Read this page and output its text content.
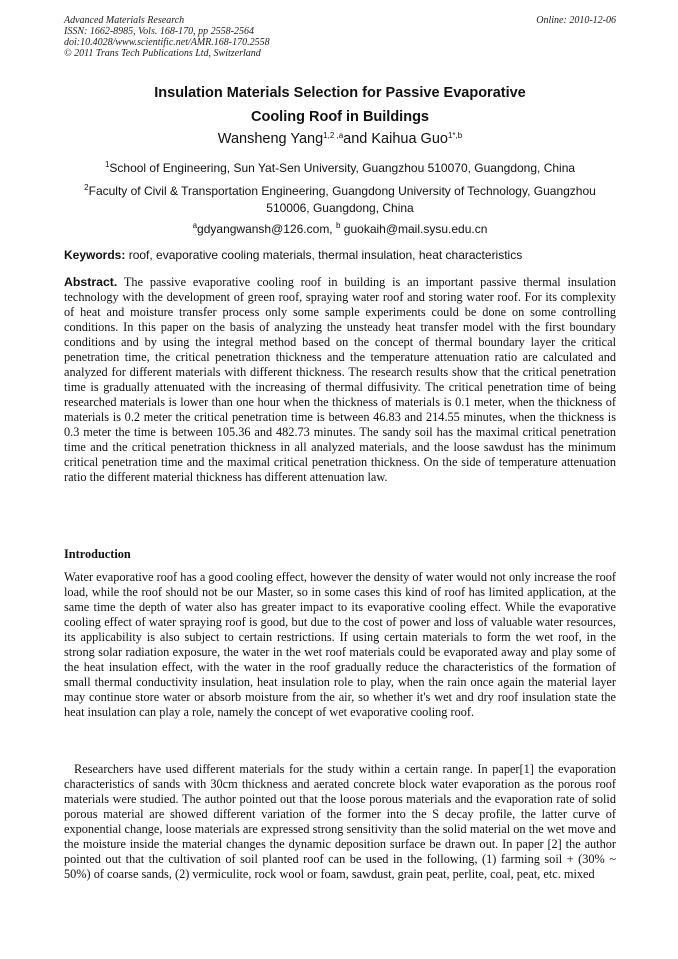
Advanced Materials Research
ISSN: 1662-8985, Vols. 168-170, pp 2558-2564
doi:10.4028/www.scientific.net/AMR.168-170.2558
© 2011 Trans Tech Publications Ltd, Switzerland
Online: 2010-12-06
Insulation Materials Selection for Passive Evaporative
Cooling Roof in Buildings
Wansheng Yang$^{1,2 ,a}$and Kaihua Guo$^{1*,b}$
$^1$School of Engineering, Sun Yat-Sen University, Guangzhou 510070, Guangdong, China
$^2$Faculty of Civil & Transportation Engineering, Guangdong University of Technology, Guangzhou
510006, Guangdong, China
$^a$gdyangwansh@126.com, $^b$ guokaih@mail.sysu.edu.cn
Keywords: roof, evaporative cooling materials, thermal insulation, heat characteristics

Abstract. The passive evaporative cooling roof in building is an important passive thermal insulation technology with the development of green roof, spraying water roof and storing water roof. For its complexity of heat and moisture transfer process only some sample experiments could be done on some controlling conditions. In this paper on the basis of analyzing the unsteady heat transfer model with the first boundary conditions and by using the integral method based on the concept of thermal boundary layer the critical penetration time, the critical penetration thickness and the temperature attenuation ratio are calculated and analyzed for different materials with different thickness. The research results show that the critical penetration time is gradually attenuated with the increasing of thermal diffusivity. The critical penetration time of being researched materials is lower than one hour when the thickness of materials is 0.1 meter, when the thickness of materials is 0.2 meter the critical penetration time is between 46.83 and 214.55 minutes, when the thickness is 0.3 meter the time is between 105.36 and 482.73 minutes. The sandy soil has the maximal critical penetration time and the critical penetration thickness in all analyzed materials, and the loose sawdust has the minimum critical penetration time and the maximal critical penetration thickness. On the side of temperature attenuation ratio the different material thickness has different attenuation law.

Introduction

Water evaporative roof has a good cooling effect, however the density of water would not only increase the roof load, while the roof should not be our Master, so in some cases this kind of roof has limited application, at the same time the depth of water also has greater impact to its evaporative cooling effect. While the evaporative cooling effect of water spraying roof is good, but due to the cost of power and loss of valuable water resources, its applicability is also subject to certain restrictions. If using certain materials to form the wet roof, in the strong solar radiation exposure, the water in the wet roof materials could be evaporated away and play some of the heat insulation effect, with the water in the roof gradually reduce the characteristics of the formation of small thermal conductivity insulation, heat insulation role to play, when the rain once again the material layer may continue store water or absorb moisture from the air, so whether it's wet and dry roof insulation state the heat insulation can play a role, namely the concept of wet evaporative cooling roof.

Researchers have used different materials for the study within a certain range. In paper[1] the evaporation characteristics of sands with 30cm thickness and aerated concrete block water evaporation as the porous roof materials were studied. The author pointed out that the loose porous materials and the evaporation rate of solid porous material are showed different variation of the former into the S decay profile, the latter curve of exponential change, loose materials are expressed strong sensitivity than the solid material on the wet move and the moisture inside the material changes the dynamic deposition surface be drawn out. In paper [2] the author pointed out that the cultivation of soil planted roof can be used in the following, (1) farming soil + (30% ~ 50%) of coarse sands, (2) vermiculite, rock wool or foam, sawdust, grain peat, perlite, coal, peat, etc. mixed
